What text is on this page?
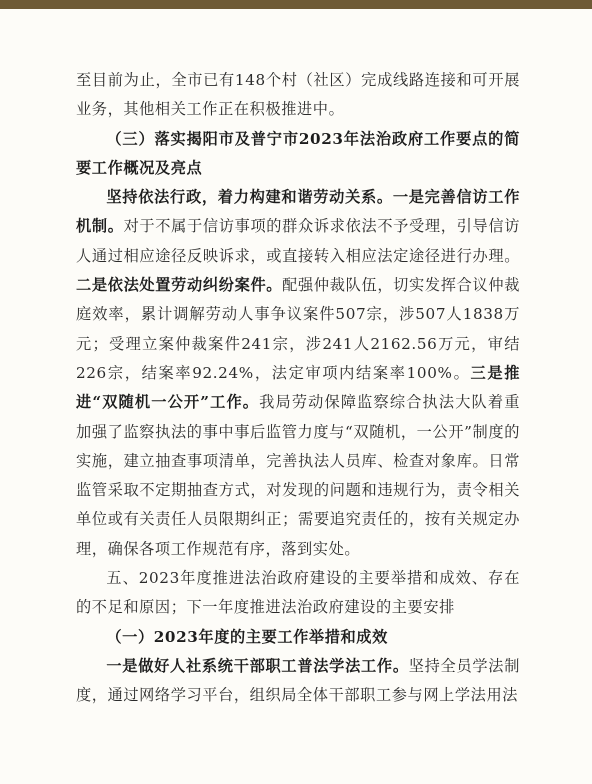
至目前为止，全市已有148个村（社区）完成线路连接和可开展业务，其他相关工作正在积极推进中。

（三）落实揭阳市及普宁市2023年法治政府工作要点的简要工作概况及亮点

坚持依法行政，着力构建和谐劳动关系。一是完善信访工作机制。对于不属于信访事项的群众诉求依法不予受理，引导信访人通过相应途径反映诉求，或直接转入相应法定途径进行办理。二是依法处置劳动纠纷案件。配强仲裁队伍，切实发挥合议仲裁庭效率，累计调解劳动人事争议案件507宗，涉507人1838万元；受理立案仲裁案件241宗，涉241人2162.56万元，审结226宗，结案率92.24%，法定审项内结案率100%。三是推进“双随机一公开”工作。我局劳动保障监察综合执法大队着重加强了监察执法的事中事后监管力度与“双随机，一公开”制度的实施，建立抽查事项清单，完善执法人员库、检查对象库。日常监管采取不定期抽查方式，对发现的问题和违规行为，责令相关单位或有关责任人员限期纠正；需要追究责任的，按有关规定办理，确保各项工作规范有序，落到实处。

五、2023年度推进法治政府建设的主要举措和成效、存在的不足和原因；下一年度推进法治政府建设的主要安排

（一）2023年度的主要工作举措和成效

一是做好人社系统干部职工普法学法工作。坚持全员学法制度，通过网络学习平台，组织局全体干部职工参与网上学法用法
